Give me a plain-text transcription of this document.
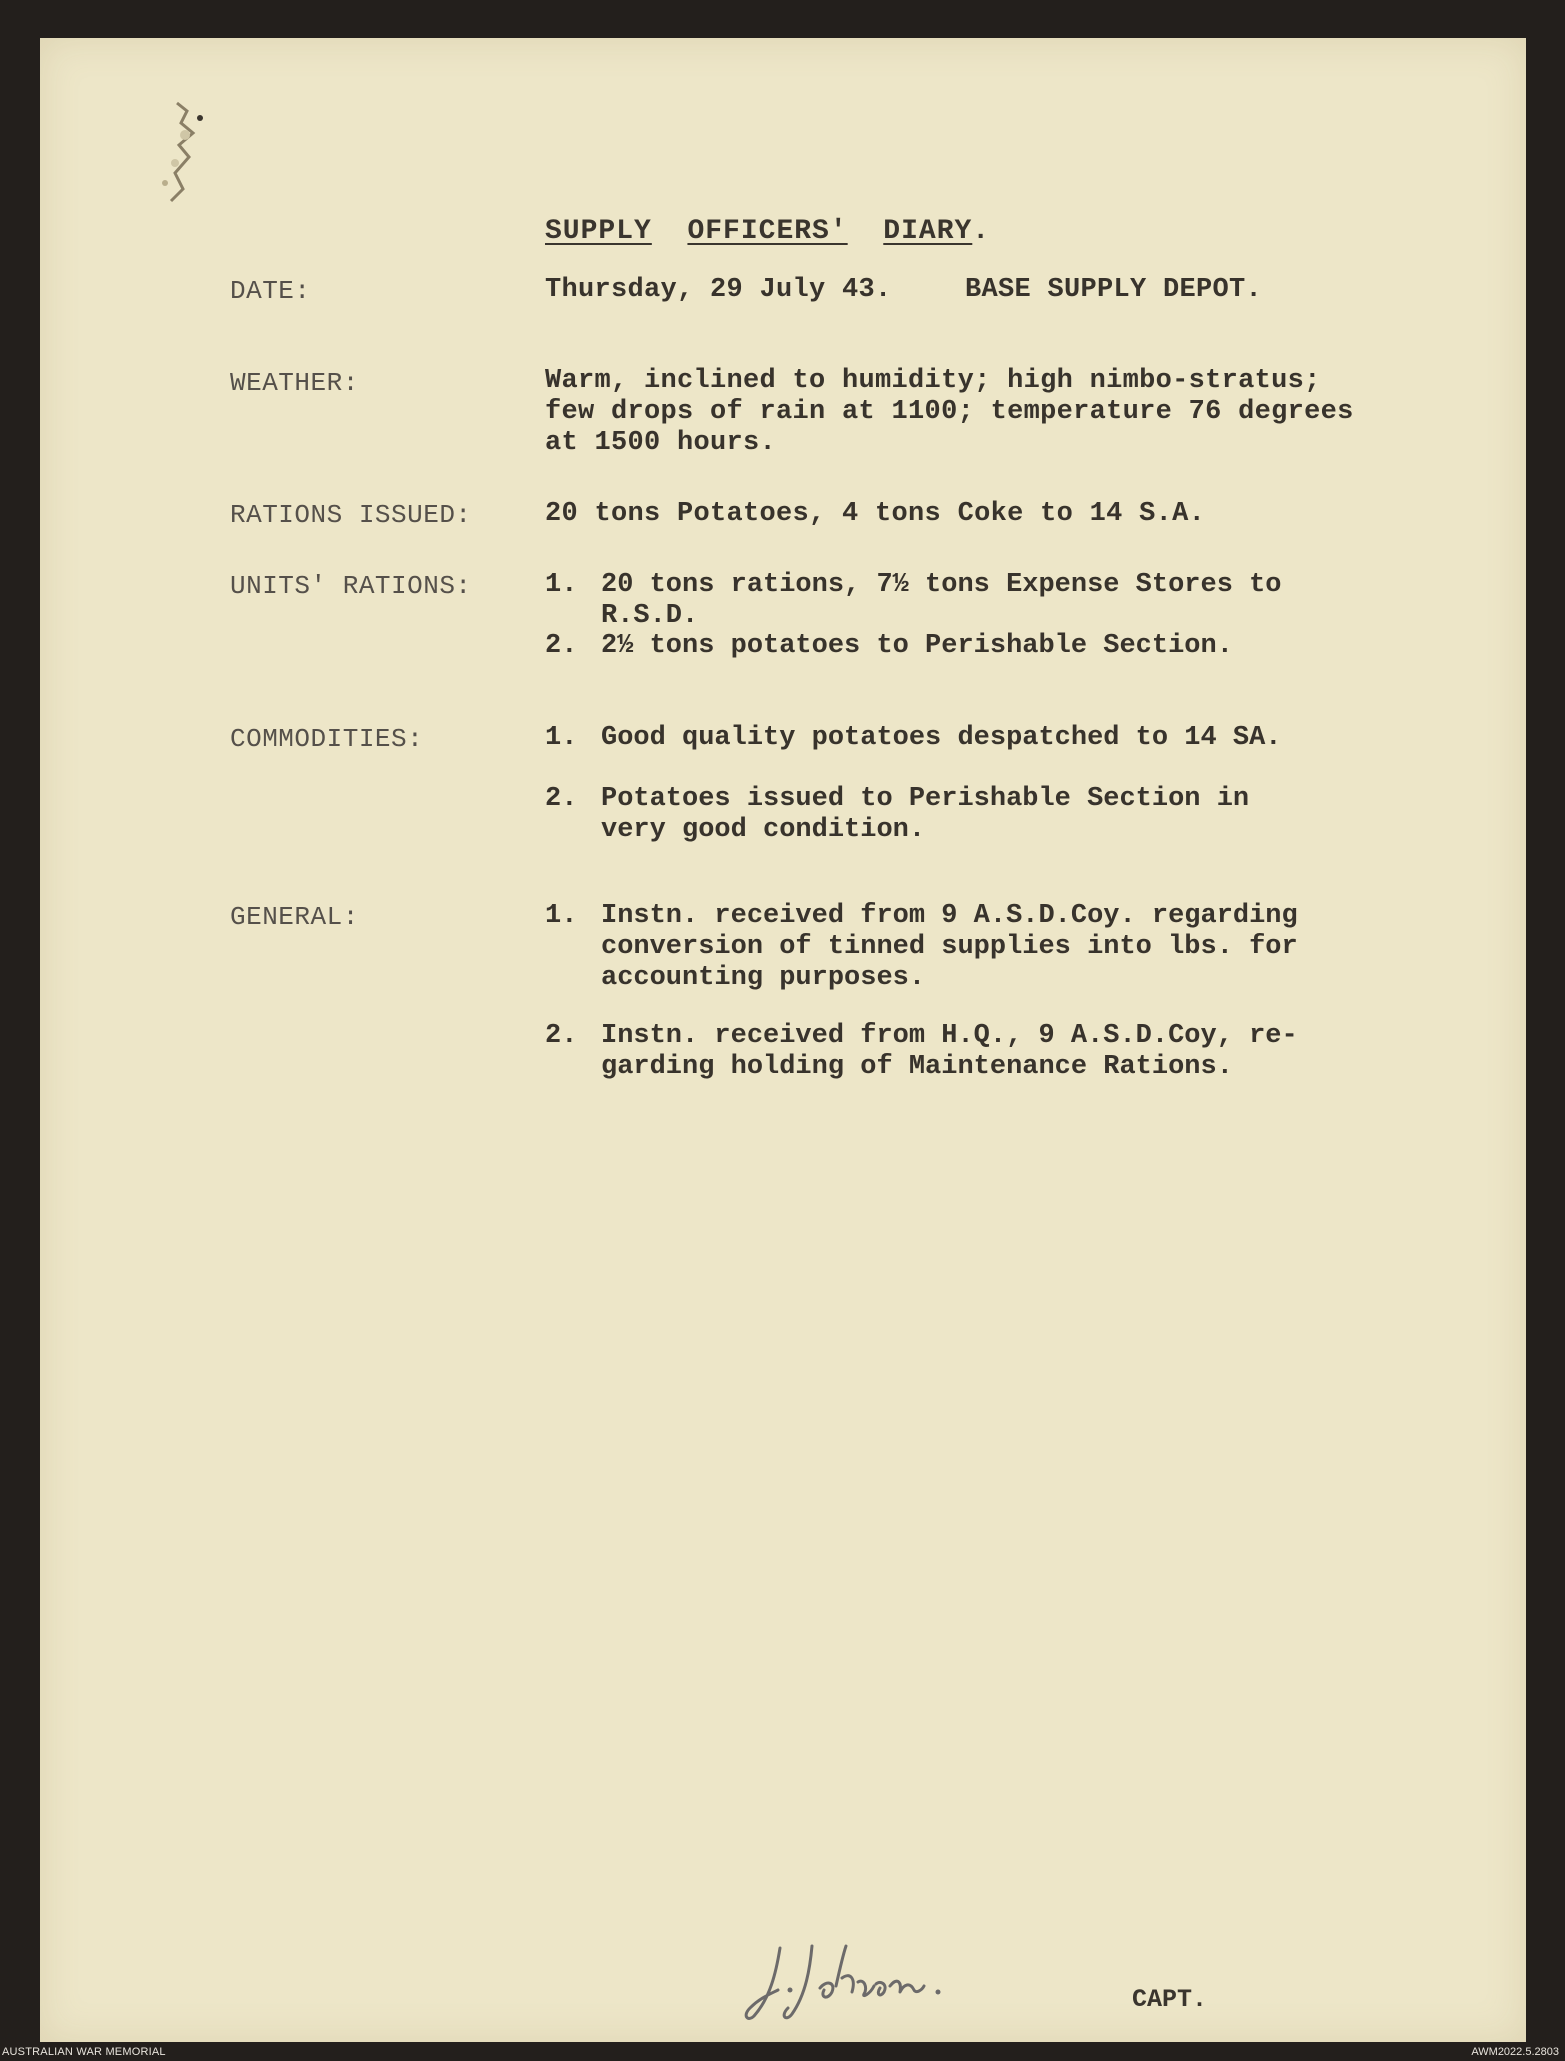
SUPPLY OFFICERS' DIARY.
DATE:	Thursday, 29 July 43.	BASE SUPPLY DEPOT.
WEATHER:	Warm, inclined to humidity; high nimbo-stratus;
few drops of rain at 1100; temperature 76 degrees
at 1500 hours.
RATIONS ISSUED:	20 tons Potatoes, 4 tons Coke to 14 S.A.
UNITS' RATIONS:	1. 20 tons rations, 7½ tons Expense Stores to
R.S.D.
2. 2½ tons potatoes to Perishable Section.
COMMODITIES:	1. Good quality potatoes despatched to 14 SA.
2. Potatoes issued to Perishable Section in
very good condition.
GENERAL:	1. Instn. received from 9 A.S.D.Coy. regarding
conversion of tinned supplies into lbs. for
accounting purposes.
2. Instn. received from H.Q., 9 A.S.D.Coy, re-
garding holding of Maintenance Rations.
CAPT.
AUSTRALIAN WAR MEMORIAL	AWM2022.5.2803
